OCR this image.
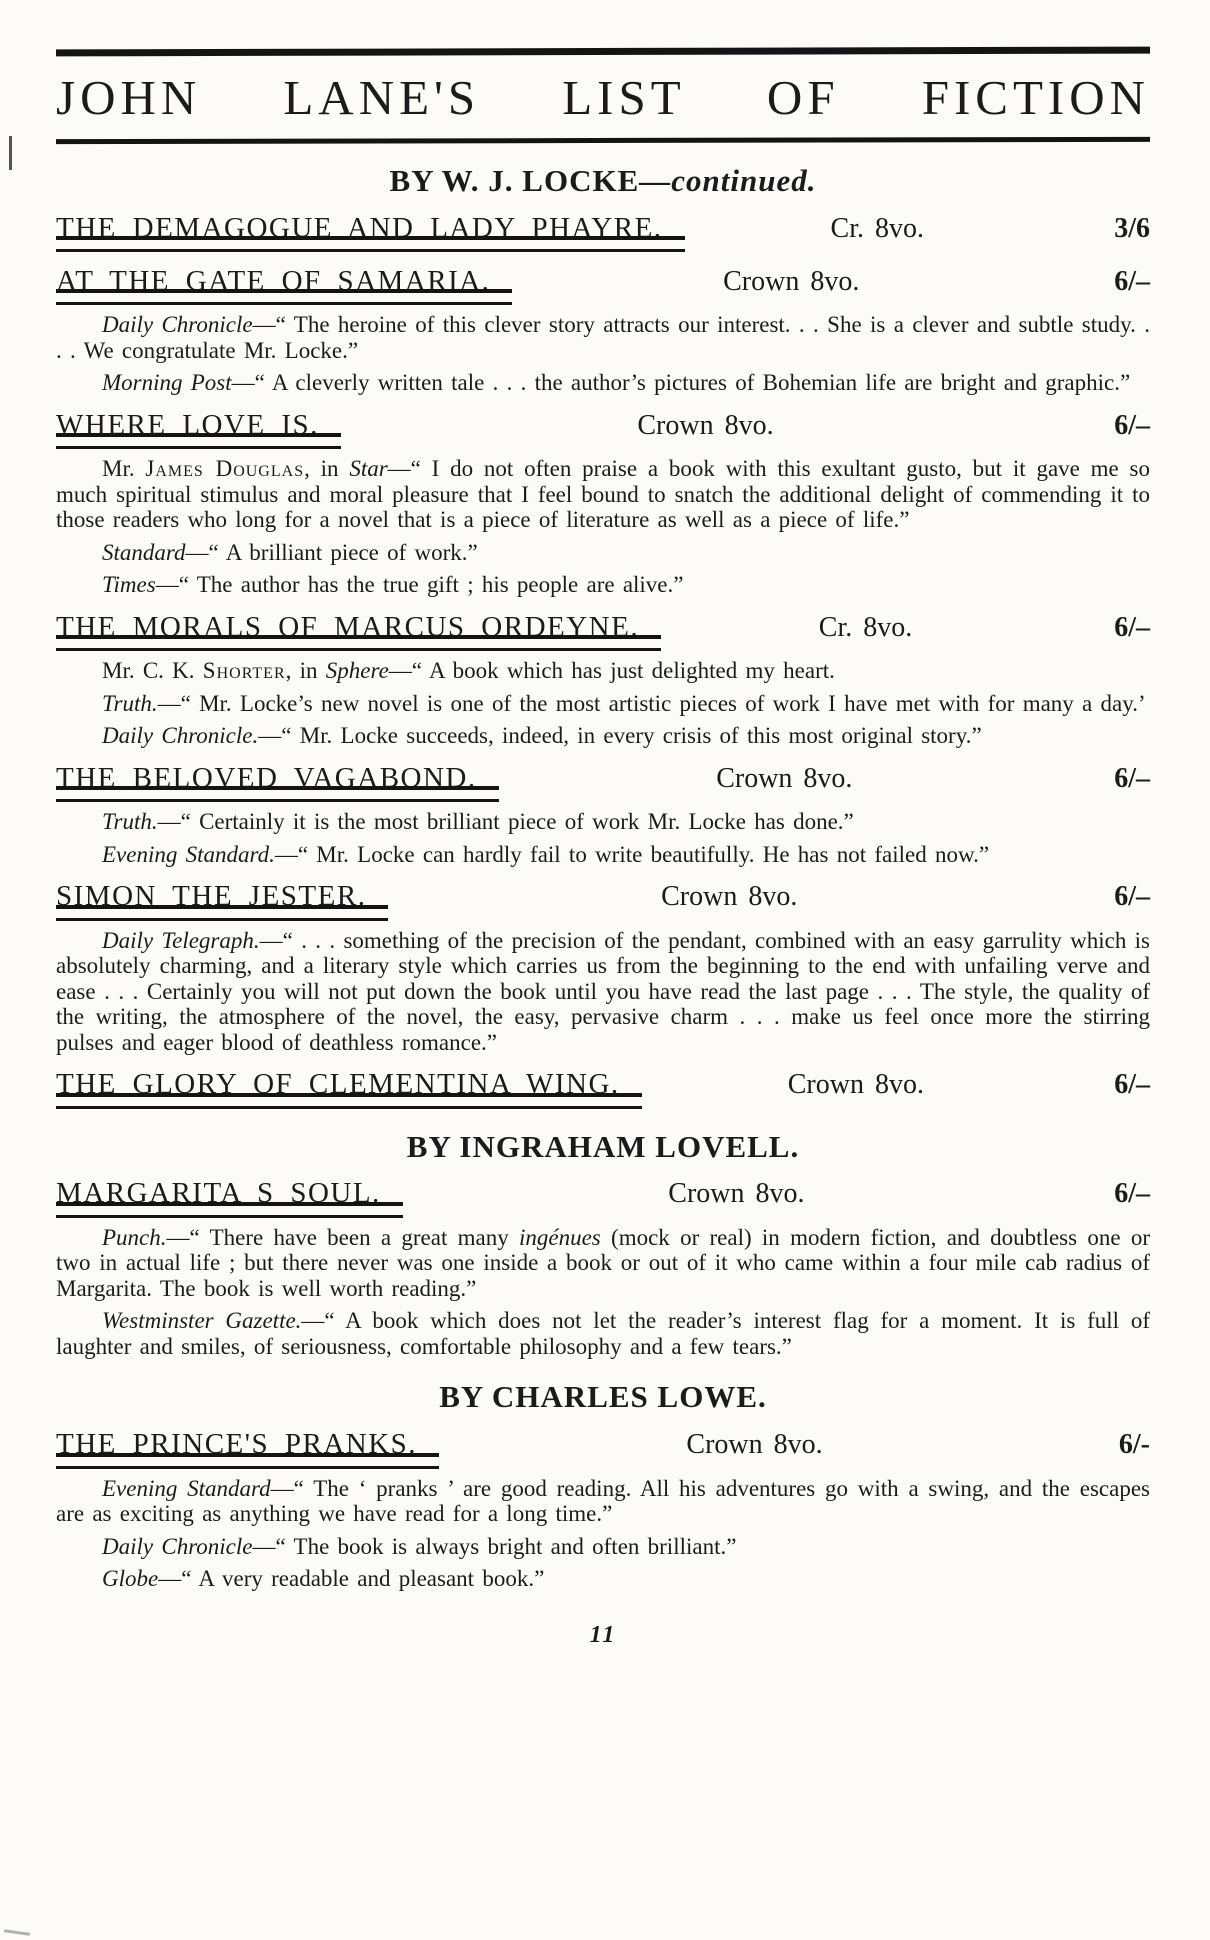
JOHN LANE'S LIST OF FICTION
BY W. J. LOCKE—continued.
THE DEMAGOGUE AND LADY PHAYRE.	Cr. 8vo.	3/6
AT THE GATE OF SAMARIA.	Crown 8vo.	6/–

Daily Chronicle—“ The heroine of this clever story attracts our interest. . . She is a clever and subtle study. . . . We congratulate Mr. Locke.”

Morning Post—“ A cleverly written tale . . . the author’s pictures of Bohemian life are bright and graphic.”

WHERE LOVE IS.	Crown 8vo.	6/–

Mr. James Douglas, in Star—“ I do not often praise a book with this exultant gusto, but it gave me so much spiritual stimulus and moral pleasure that I feel bound to snatch the additional delight of commending it to those readers who long for a novel that is a piece of literature as well as a piece of life.”

Standard—“ A brilliant piece of work.”

Times—“ The author has the true gift ; his people are alive.”

THE MORALS OF MARCUS ORDEYNE.	Cr. 8vo.	6/–

Mr. C. K. Shorter, in Sphere—“ A book which has just delighted my heart.

Truth.—“ Mr. Locke’s new novel is one of the most artistic pieces of work I have met with for many a day.’

Daily Chronicle.—“ Mr. Locke succeeds, indeed, in every crisis of this most original story.”

THE BELOVED VAGABOND.	Crown 8vo.	6/–

Truth.—“ Certainly it is the most brilliant piece of work Mr. Locke has done.”

Evening Standard.—“ Mr. Locke can hardly fail to write beautifully. He has not failed now.”

SIMON THE JESTER.	Crown 8vo.	6/–

Daily Telegraph.—“ . . . something of the precision of the pendant, combined with an easy garrulity which is absolutely charming, and a literary style which carries us from the beginning to the end with unfailing verve and ease . . . Certainly you will not put down the book until you have read the last page . . . The style, the quality of the writing, the atmosphere of the novel, the easy, pervasive charm . . . make us feel once more the stirring pulses and eager blood of deathless romance.”

THE GLORY OF CLEMENTINA WING.	Crown 8vo.	6/–
BY INGRAHAM LOVELL.
MARGARITA S SOUL.	Crown 8vo.	6/–

Punch.—“ There have been a great many ingénues (mock or real) in modern fiction, and doubtless one or two in actual life ; but there never was one inside a book or out of it who came within a four mile cab radius of Margarita. The book is well worth reading.”

Westminster Gazette.—“ A book which does not let the reader’s interest flag for a moment. It is full of laughter and smiles, of seriousness, comfortable philosophy and a few tears.”

BY CHARLES LOWE.
THE PRINCE'S PRANKS.	Crown 8vo.	6/-

Evening Standard—“ The ‘ pranks ’ are good reading. All his adventures go with a swing, and the escapes are as exciting as anything we have read for a long time.”

Daily Ch​ronicle—“ The book is always bright and often brilliant.”

Globe—“ A very readable and pleasant book.”

11
